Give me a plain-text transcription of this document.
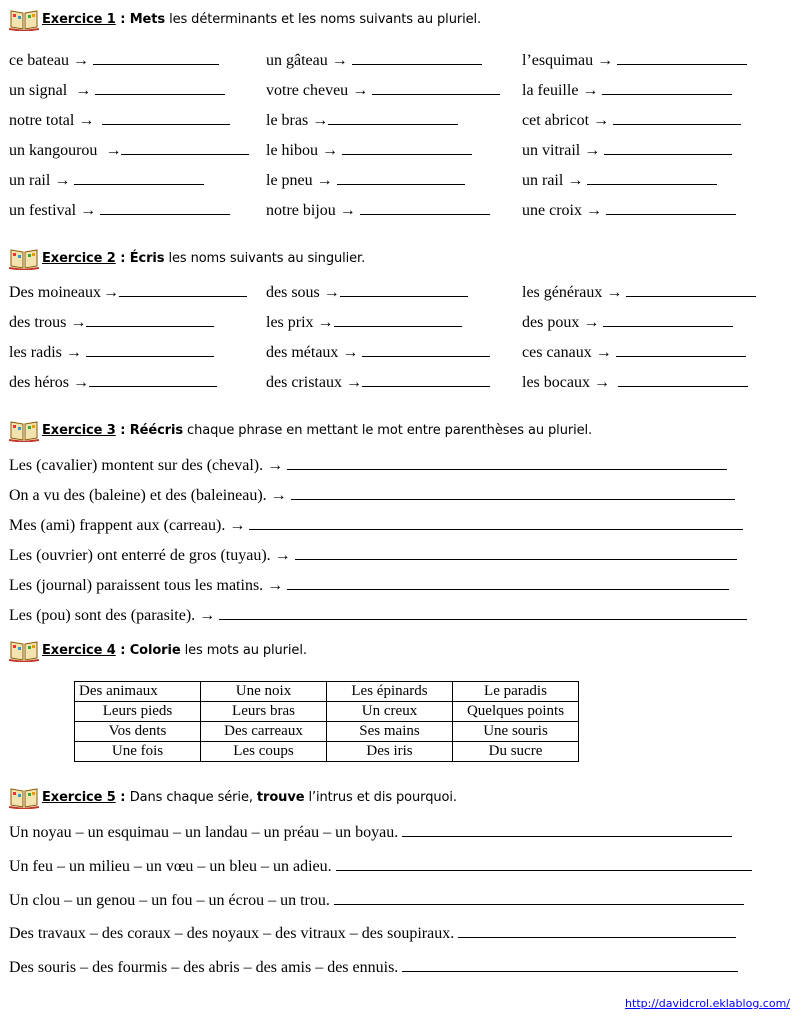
Exercice 1 : Mets les déterminants et les noms suivants au pluriel.
Exercice 2 : Écris les noms suivants au singulier.
Exercice 3 : Réécris chaque phrase en mettant le mot entre parenthèses au pluriel.
Exercice 4 : Colorie les mots au pluriel.
Exercice 5 : Dans chaque série, trouve l’intrus et dis pourquoi.
ce bateau →	un gâteau →	l’esquimau →
un signal →	votre cheveu →	la feuille →
notre total →	le bras →	cet abricot →
un kangourou →	le hibou →	un vitrail →
un rail →	le pneu →	un rail →
un festival →	notre bijou →	une croix →
Des moineaux →	des sous →	les généraux →
des trous →	les prix →	des poux →
les radis →	des métaux →	ces canaux →
des héros →	des cristaux →	les bocaux →
Les (cavalier) montent sur des (cheval). →
On a vu des (baleine) et des (baleineau). →
Mes (ami) frappent aux (carreau). →
Les (ouvrier) ont enterré de gros (tuyau). →
Les (journal) paraissent tous les matins. →
Les (pou) sont des (parasite). →
Des animaux	Une noix	Les épinards	Le paradis
Leurs pieds	Leurs bras	Un creux	Quelques points
Vos dents	Des carreaux	Ses mains	Une souris
Une fois	Les coups	Des iris	Du sucre
Un noyau – un esquimau – un landau – un préau – un boyau.
Un feu – un milieu – un vœu – un bleu – un adieu.
Un clou – un genou – un fou – un écrou – un trou.
Des travaux – des coraux – des noyaux – des vitraux – des soupiraux.
Des souris – des fourmis – des abris – des amis – des ennuis.
http://davidcrol.eklablog.com/
